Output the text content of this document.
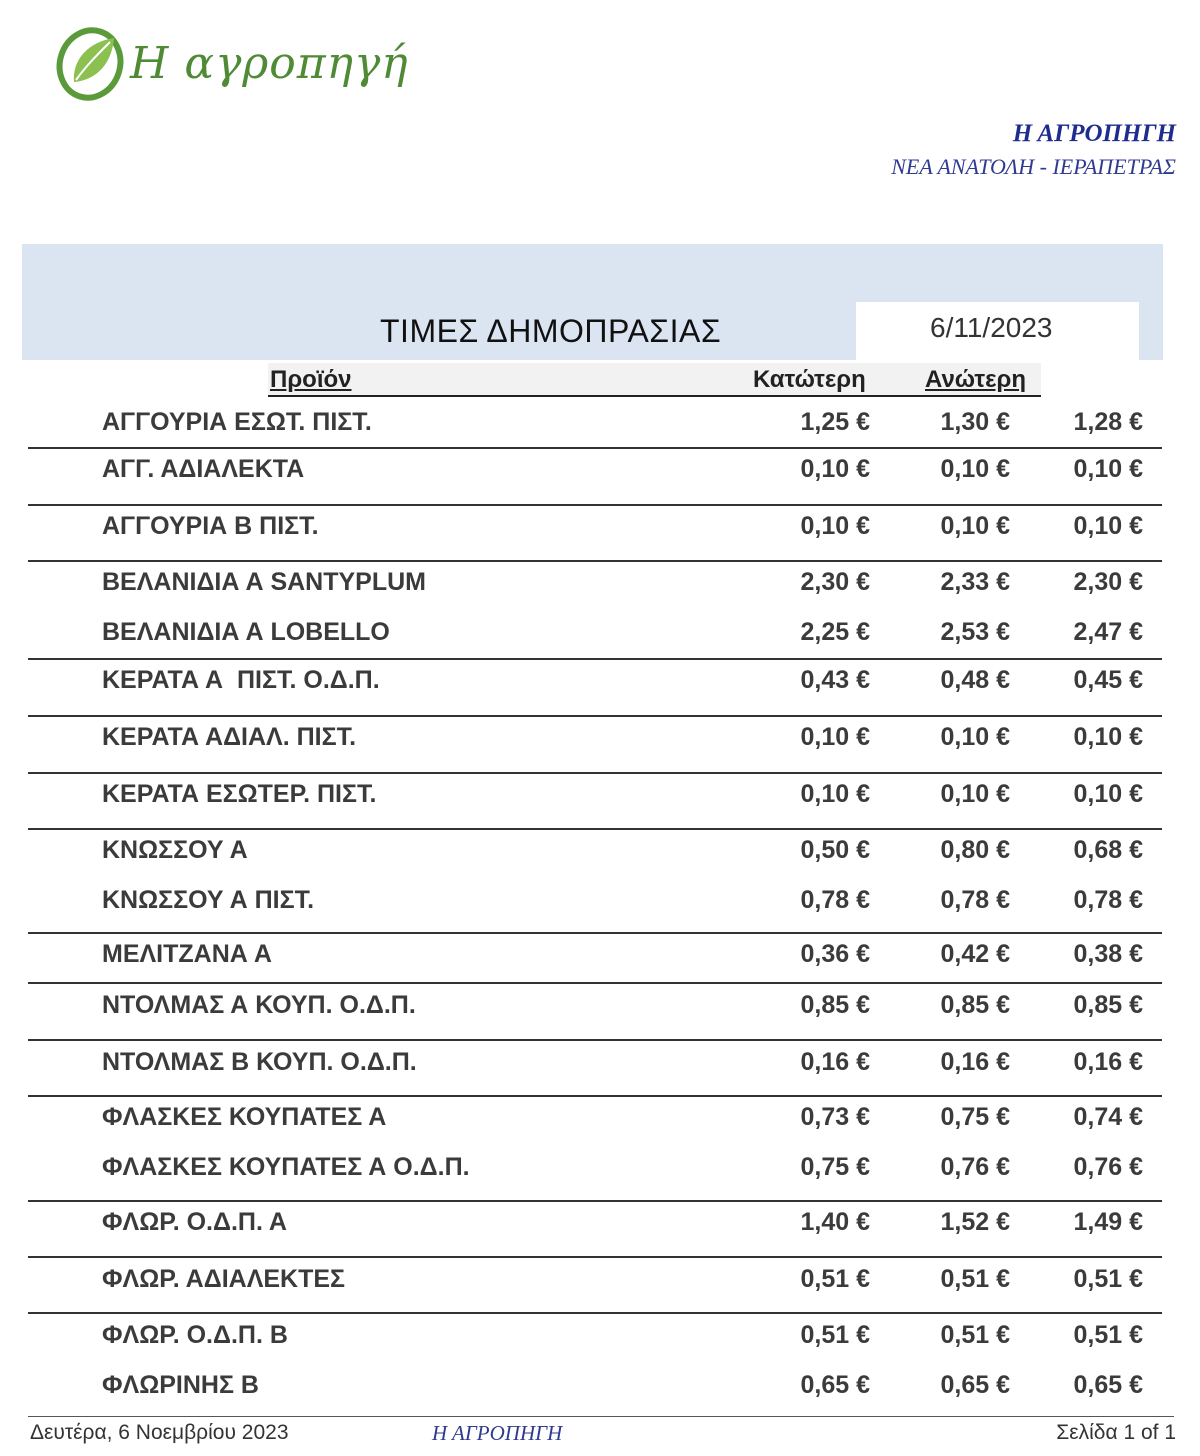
Η αγροπηγή
Η ΑΓΡΟΠΗΓΗ
ΝΕΑ ΑΝΑΤΟΛΗ - ΙΕΡΑΠΕΤΡΑΣ

ΤΙΜΕΣ ΔΗΜΟΠΡΑΣΙΑΣ	6/11/2023
Προϊόν	Κατώτερη Ανώτερη
ΑΓΓΟΥΡΙΑ ΕΣΩΤ. ΠΙΣΤ.	1,25 €	1,30 €	1,28 €
ΑΓΓ. ΑΔΙΑΛΕΚΤΑ	0,10 €	0,10 €	0,10 €
ΑΓΓΟΥΡΙΑ Β ΠΙΣΤ.	0,10 €	0,10 €	0,10 €
ΒΕΛΑΝΙΔΙΑ Α SANTYPLUM	2,30 €	2,33 €	2,30 €
ΒΕΛΑΝΙΔΙΑ Α LOBELLO	2,25 €	2,53 €	2,47 €
ΚΕΡΑΤΑ Α  ΠΙΣΤ. Ο.Δ.Π.	0,43 €	0,48 €	0,45 €
ΚΕΡΑΤΑ ΑΔΙΑΛ. ΠΙΣΤ.	0,10 €	0,10 €	0,10 €
ΚΕΡΑΤΑ ΕΣΩΤΕΡ. ΠΙΣΤ.	0,10 €	0,10 €	0,10 €
ΚΝΩΣΣΟΥ Α	0,50 €	0,80 €	0,68 €
ΚΝΩΣΣΟΥ Α ΠΙΣΤ.	0,78 €	0,78 €	0,78 €
ΜΕΛΙΤΖΑΝΑ Α	0,36 €	0,42 €	0,38 €
ΝΤΟΛΜΑΣ Α ΚΟΥΠ. Ο.Δ.Π.	0,85 €	0,85 €	0,85 €
ΝΤΟΛΜΑΣ Β ΚΟΥΠ. Ο.Δ.Π.	0,16 €	0,16 €	0,16 €
ΦΛΑΣΚΕΣ ΚΟΥΠΑΤΕΣ Α	0,73 €	0,75 €	0,74 €
ΦΛΑΣΚΕΣ ΚΟΥΠΑΤΕΣ Α Ο.Δ.Π.	0,75 €	0,76 €	0,76 €
ΦΛΩΡ. Ο.Δ.Π. Α	1,40 €	1,52 €	1,49 €
ΦΛΩΡ. ΑΔΙΑΛΕΚΤΕΣ	0,51 €	0,51 €	0,51 €
ΦΛΩΡ. Ο.Δ.Π. Β	0,51 €	0,51 €	0,51 €
ΦΛΩΡΙΝΗΣ Β	0,65 €	0,65 €	0,65 €
Δευτέρα, 6 Νοεμβρίου 2023	Η ΑΓΡΟΠΗΓΗ	Σελίδα 1 of 1
